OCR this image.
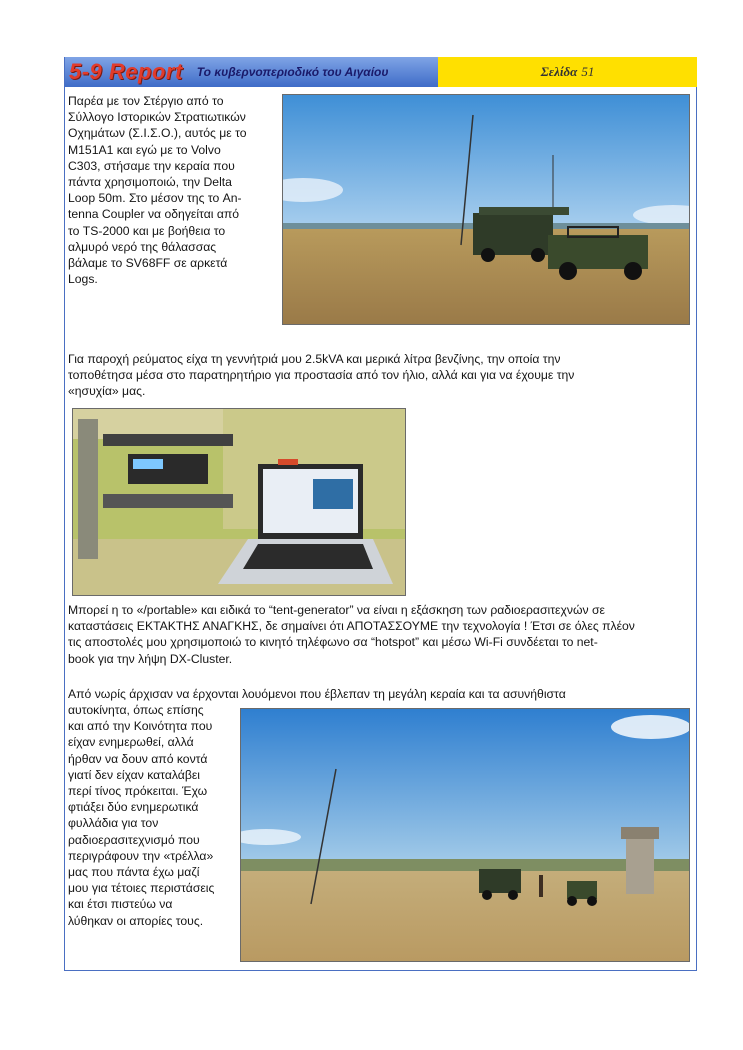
5-9 Report Το κυβερνοπεριοδικό του Αιγαίου	Σελίδα 51
Παρέα με τον Στέργιο από το
Σύλλογο Ιστορικών Στρατιωτικών
Οχημάτων (Σ.Ι.Σ.Ο.), αυτός με το
M151A1 και εγώ με το Volvo
C303, στήσαμε την κεραία που
πάντα χρησιμοποιώ, την Delta
Loop 50m. Στο μέσον της το An-
tenna Coupler να οδηγείται από
το TS-2000 και με βοήθεια το
αλμυρό νερό της θάλασσας
βάλαμε το SV68FF σε αρκετά
Logs.
Για παροχή ρεύματος είχα τη γεννήτριά μου 2.5kVA και μερικά λίτρα βενζίνης, την οποία την
τοποθέτησα μέσα στο παρατηρητήριο για προστασία από τον ήλιο, αλλά και για να έχουμε την
«ησυχία» μας.
Μπορεί η το «/portable» και ειδικά το “tent-generator” να είναι η εξάσκηση των ραδιοερασιτεχνών σε
καταστάσεις ΕΚΤΑΚΤΗΣ ΑΝΑΓΚΗΣ, δε σημαίνει ότι ΑΠΟΤΑΣΣΟΥΜΕ την τεχνολογία ! Έτσι σε όλες πλέον
τις αποστολές μου χρησιμοποιώ το κινητό τηλέφωνο σα “hotspot” και μέσω Wi-Fi συνδέεται το net-
book για την λήψη DX-Cluster.
Από νωρίς άρχισαν να έρχονται λουόμενοι που έβλεπαν τη μεγάλη κεραία και τα ασυνήθιστα
αυτοκίνητα, όπως επίσης
και από την Κοινότητα που
είχαν ενημερωθεί, αλλά
ήρθαν να δουν από κοντά
γιατί δεν είχαν καταλάβει
περί τίνος πρόκειται. Έχω
φτιάξει δύο ενημερωτικά
φυλλάδια για τον
ραδιοερασιτεχνισμό που
περιγράφουν την «τρέλλα»
μας που πάντα έχω μαζί
μου για τέτοιες περιστάσεις
και έτσι πιστεύω να
λύθηκαν οι απορίες τους.
